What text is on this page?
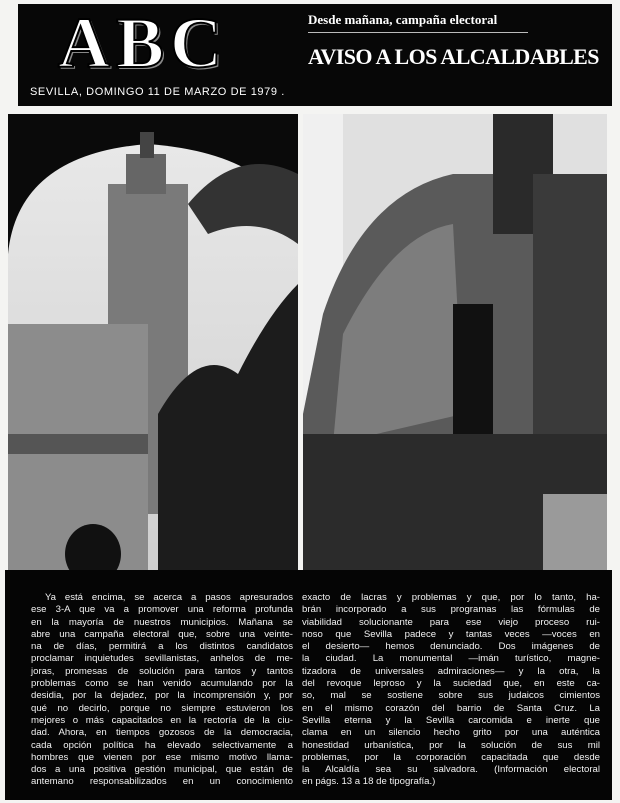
ABC
SEVILLA, DOMINGO 11 DE MARZO DE 1979 .
Desde mañana, campaña electoral
AVISO A LOS ALCALDABLES
Ya está encima, se acerca a pasos apresurados
ese 3-A que va a promover una reforma profunda
en la mayoría de nuestros municipios. Mañana se
abre una campaña electoral que, sobre una veinte-
na de días, permitirá a los distintos candidatos
proclamar inquietudes sevillanistas, anhelos de me-
joras, promesas de solución para tantos y tantos
problemas como se han venido acumulando por la
desidia, por la dejadez, por la incomprensión y, por
qué no decirlo, porque no siempre estuvieron los
mejores o más capacitados en la rectoría de la ciu-
dad. Ahora, en tiempos gozosos de la democracia,
cada opción política ha elevado selectivamente a
hombres que vienen por ese mismo motivo llama-
dos a una positiva gestión municipal, que están de
antemano responsabilizados en un conocimiento
exacto de lacras y problemas y que, por lo tanto, ha-
brán incorporado a sus programas las fórmulas de
viabilidad solucionante para ese viejo proceso rui-
noso que Sevilla padece y tantas veces —voces en
el desierto— hemos denunciado. Dos imágenes de
la ciudad. La monumental —imán turístico, magne-
tizadora de universales admiraciones— y la otra, la
del revoque leproso y la suciedad que, en este ca-
so, mal se sostiene sobre sus judaicos cimientos
en el mismo corazón del barrio de Santa Cruz. La
Sevilla eterna y la Sevilla carcomida e inerte que
clama en un silencio hecho grito por una auténtica
honestidad urbanística, por la solución de sus mil
problemas, por la corporación capacitada que desde
la Alcaldía sea su salvadora. (Información electoral
en págs. 13 a 18 de tipografía.)
